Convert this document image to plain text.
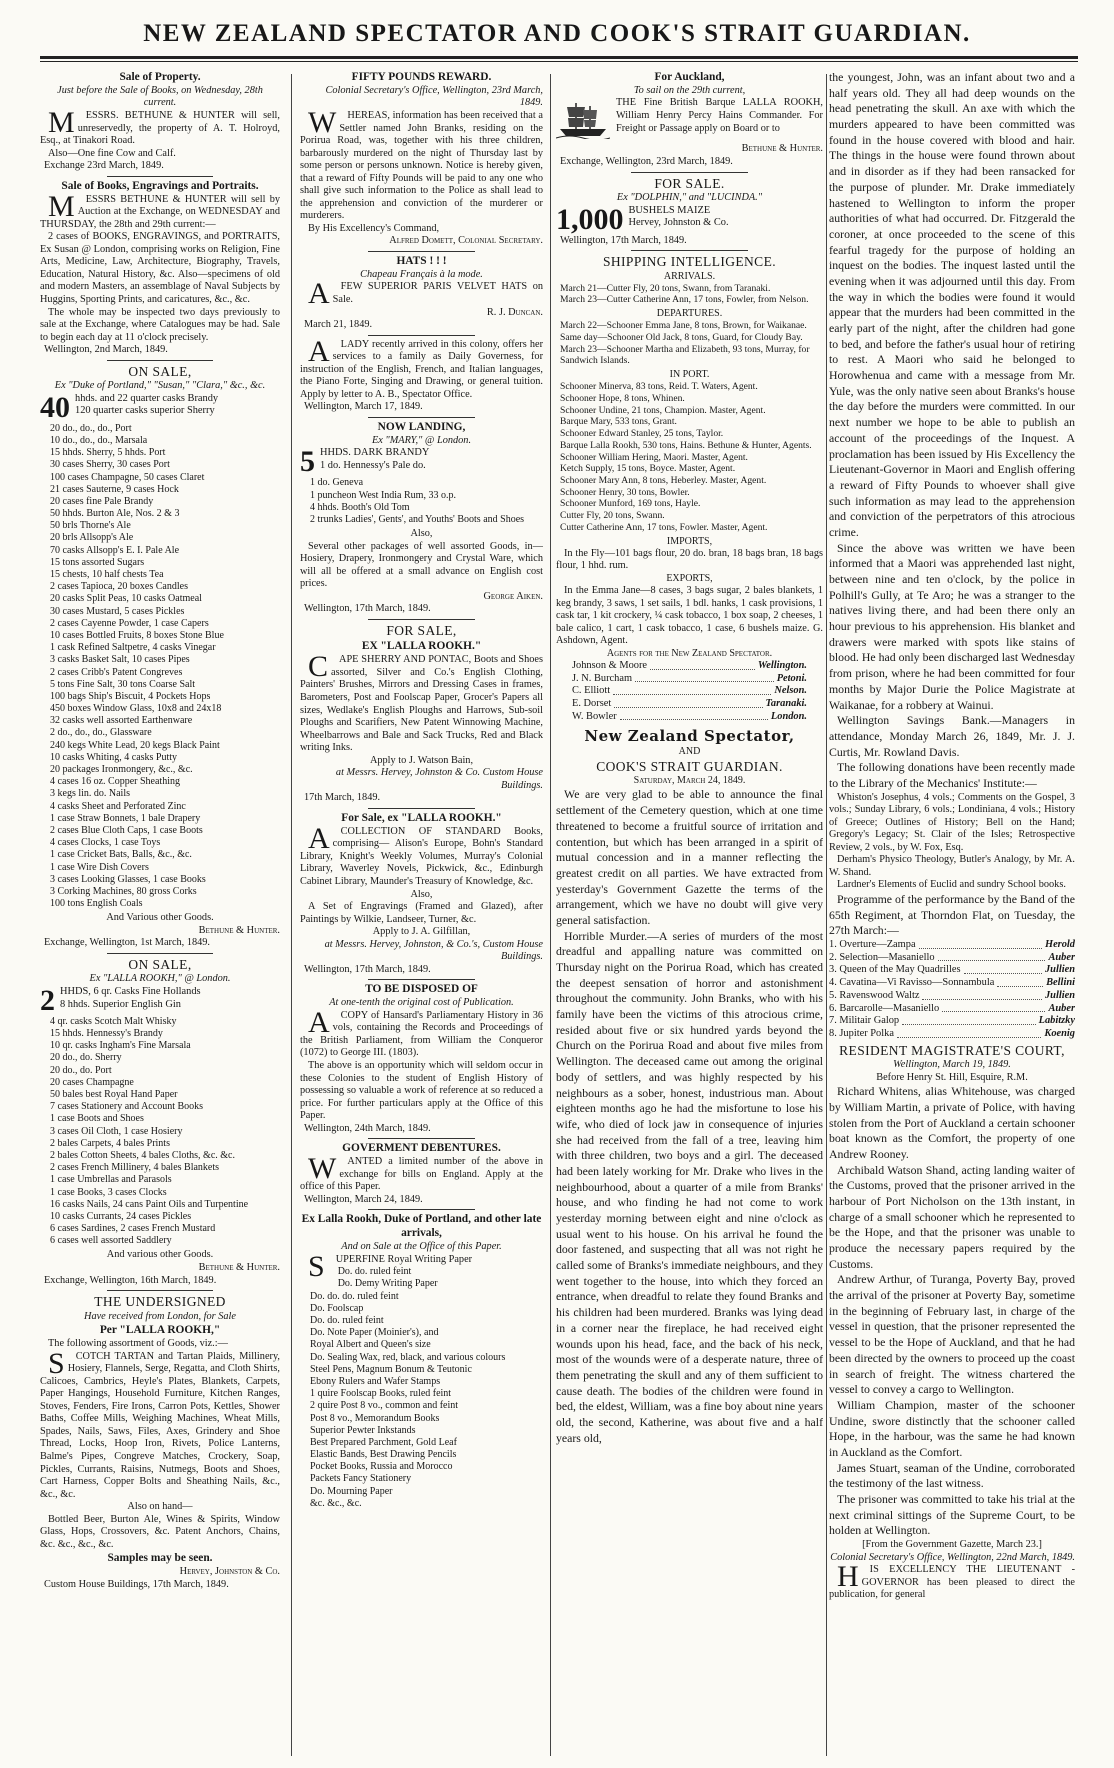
NEW ZEALAND SPECTATOR AND COOK'S STRAIT GUARDIAN.
Sale of Property.
Just before the Sale of Books, on Wednesday, 28th current.

MESSRS. BETHUNE & HUNTER will sell, unreservedly, the property of A. T. Holroyd, Esq., at Tinakori Road.

Also—One fine Cow and Calf.

Exchange 23rd March, 1849.
Sale of Books, Engravings and Portraits.

MESSRS BETHUNE & HUNTER will sell by Auction at the Exchange, on WEDNESDAY and THURSDAY, the 28th and 29th current:—

2 cases of BOOKS, ENGRAVINGS, and PORTRAITS, Ex Susan @ London, comprising works on Religion, Fine Arts, Medicine, Law, Architecture, Biography, Travels, Education, Natural History, &c. Also—specimens of old and modern Masters, an assemblage of Naval Subjects by Huggins, Sporting Prints, and caricatures, &c., &c.

The whole may be inspected two days previously to sale at the Exchange, where Catalogues may be had. Sale to begin each day at 11 o'clock precisely.

Wellington, 2nd March, 1849.
ON SALE,
Ex "Duke of Portland," "Susan," "Clara," &c., &c.
40 hhds. and 22 quarter casks Brandy
120 quarter casks superior Sherry
20 do., do., do., Port
10 do., do., do., Marsala
15 hhds. Sherry, 5 hhds. Port
30 cases Sherry, 30 cases Port
100 cases Champagne, 50 cases Claret
21 cases Sauterne, 9 cases Hock
20 cases fine Pale Brandy
50 hhds. Burton Ale, Nos. 2 & 3
50 brls Thorne's Ale
20 brls Allsopp's Ale
70 casks Allsopp's E. I. Pale Ale
15 tons assorted Sugars
15 chests, 10 half chests Tea
2 cases Tapioca, 20 boxes Candles
20 casks Split Peas, 10 casks Oatmeal
30 cases Mustard, 5 cases Pickles
2 cases Cayenne Powder, 1 case Capers
10 cases Bottled Fruits, 8 boxes Stone Blue
1 cask Refined Saltpetre, 4 casks Vinegar
3 casks Basket Salt, 10 cases Pipes
2 cases Cribb's Patent Congreves
5 tons Fine Salt, 30 tons Coarse Salt
100 bags Ship's Biscuit, 4 Pockets Hops
450 boxes Window Glass, 10x8 and 24x18
32 casks well assorted Earthenware
2 do., do., do., Glassware
240 kegs White Lead, 20 kegs Black Paint
10 casks Whiting, 4 casks Putty
20 packages Ironmongery, &c., &c.
4 cases 16 oz. Copper Sheathing
3 kegs lin. do. Nails
4 casks Sheet and Perforated Zinc
1 case Straw Bonnets, 1 bale Drapery
2 cases Blue Cloth Caps, 1 case Boots
4 cases Clocks, 1 case Toys
1 case Cricket Bats, Balls, &c., &c.
1 case Wire Dish Covers
3 cases Looking Glasses, 1 case Books
3 Corking Machines, 80 gross Corks
100 tons English Coals
And Various other Goods.
Bethune & Hunter.
Exchange, Wellington, 1st March, 1849.
ON SALE,
Ex "LALLA ROOKH," @ London.
2 HHDS, 6 qr. Casks Fine Hollands
8 hhds. Superior English Gin
4 qr. casks Scotch Malt Whisky
15 hhds. Hennessy's Brandy
10 qr. casks Ingham's Fine Marsala
20 do., do. Sherry
20 do., do. Port
20 cases Champagne
50 bales best Royal Hand Paper
7 cases Stationery and Account Books
1 case Boots and Shoes
3 cases Oil Cloth, 1 case Hosiery
2 bales Carpets, 4 bales Prints
2 bales Cotton Sheets, 4 bales Cloths, &c. &c.
2 cases French Millinery, 4 bales Blankets
1 case Umbrellas and Parasols
1 case Books, 3 cases Clocks
16 casks Nails, 24 cans Paint Oils and Turpentine
10 casks Currants, 24 cases Pickles
6 cases Sardines, 2 cases French Mustard
6 cases well assorted Saddlery
And various other Goods.
Bethune & Hunter.
Exchange, Wellington, 16th March, 1849.
THE UNDERSIGNED
Have received from London, for Sale
Per "LALLA ROOKH,"

The following assortment of Goods, viz.:—

SCOTCH TARTAN and Tartan Plaids, Millinery, Hosiery, Flannels, Serge, Regatta, and Cloth Shirts, Calicoes, Cambrics, Heyle's Plates, Blankets, Carpets, Paper Hangings, Household Furniture, Kitchen Ranges, Stoves, Fenders, Fire Irons, Carron Pots, Kettles, Shower Baths, Coffee Mills, Weighing Machines, Wheat Mills, Spades, Nails, Saws, Files, Axes, Grindery and Shoe Thread, Locks, Hoop Iron, Rivets, Police Lanterns, Balme's Pipes, Congreve Matches, Crockery, Soap, Pickles, Currants, Raisins, Nutmegs, Boots and Shoes, Cart Harness, Copper Bolts and Sheathing Nails, &c., &c., &c.

Also on hand—

Bottled Beer, Burton Ale, Wines & Spirits, Window Glass, Hops, Crossovers, &c. Patent Anchors, Chains, &c. &c., &c., &c.

Samples may be seen.
Hervey, Johnston & Co.
Custom House Buildings, 17th March, 1849.
FIFTY POUNDS REWARD.
Colonial Secretary's Office, Wellington, 23rd March, 1849.

WHEREAS, information has been received that a Settler named John Branks, residing on the Porirua Road, was, together with his three children, barbarously murdered on the night of Thursday last by some person or persons unknown. Notice is hereby given, that a reward of Fifty Pounds will be paid to any one who shall give such information to the Police as shall lead to the apprehension and conviction of the murderer or murderers.

By His Excellency's Command,

Alfred Domett, Colonial Secretary.
HATS ! ! !
Chapeau Français à la mode.

AFEW SUPERIOR PARIS VELVET HATS on Sale.

R. J. Duncan.
March 21, 1849.

ALADY recently arrived in this colony, offers her services to a family as Daily Governess, for instruction of the English, French, and Italian languages, the Piano Forte, Singing and Drawing, or general tuition. Apply by letter to A. B., Spectator Office.

Wellington, March 17, 1849.
NOW LANDING,
Ex "MARY," @ London.
5 HHDS. DARK BRANDY
1 do. Hennessy's Pale do.
1 do. Geneva
1 puncheon West India Rum, 33 o.p.
4 hhds. Booth's Old Tom
2 trunks Ladies', Gents', and Youths' Boots and Shoes
Also,

Several other packages of well assorted Goods, in— Hosiery, Drapery, Ironmongery and Crystal Ware, which will all be offered at a small advance on English cost prices.

George Aiken.
Wellington, 17th March, 1849.
FOR SALE,
EX "LALLA ROOKH."

CAPE SHERRY AND PONTAC, Boots and Shoes assorted, Silver and Co.'s English Clothing, Painters' Brushes, Mirrors and Dressing Cases in frames, Barometers, Post and Foolscap Paper, Grocer's Papers all sizes, Wedlake's English Ploughs and Harrows, Sub-soil Ploughs and Scarifiers, New Patent Winnowing Machine, Wheelbarrows and Bale and Sack Trucks, Red and Black writing Inks.

Apply to J. Watson Bain,
at Messrs. Hervey, Johnston & Co. Custom House Buildings.
17th March, 1849.
For Sale, ex "LALLA ROOKH."

ACOLLECTION OF STANDARD Books, comprising— Alison's Europe, Bohn's Standard Library, Knight's Weekly Volumes, Murray's Colonial Library, Waverley Novels, Pickwick, &c., Edinburgh Cabinet Library, Maunder's Treasury of Knowledge, &c.

Also,

A Set of Engravings (Framed and Glazed), after Paintings by Wilkie, Landseer, Turner, &c.

Apply to J. A. Gilfillan,
at Messrs. Hervey, Johnston, & Co.'s, Custom House Buildings.
Wellington, 17th March, 1849.
TO BE DISPOSED OF
At one-tenth the original cost of Publication.

ACOPY of Hansard's Parliamentary History in 36 vols, containing the Records and Proceedings of the British Parliament, from William the Conqueror (1072) to George III. (1803).

The above is an opportunity which will seldom occur in these Colonies to the student of English History of possessing so valuable a work of reference at so reduced a price. For further particulars apply at the Office of this Paper.

Wellington, 24th March, 1849.
GOVERMENT DEBENTURES.

WANTED a limited number of the above in exchange for bills on England. Apply at the office of this Paper.

Wellington, March 24, 1849.
Ex Lalla Rookh, Duke of Portland, and other late arrivals,
And on Sale at the Office of this Paper.

SUPERFINE Royal Writing Paper

Do. do. ruled feint
Do. Demy Writing Paper
Do. do. do. ruled feint
Do. Foolscap
Do. do. ruled feint
Do. Note Paper (Moinier's), and
Royal Albert and Queen's size
Do. Sealing Wax, red, black, and various colours
Steel Pens, Magnum Bonum & Teutonic
Ebony Rulers and Wafer Stamps
1 quire Foolscap Books, ruled feint
2 quire Post 8 vo., common and feint
Post 8 vo., Memorandum Books
Superior Pewter Inkstands
Best Prepared Parchment, Gold Leaf
Elastic Bands, Best Drawing Pencils
Pocket Books, Russia and Morocco
Packets Fancy Stationery
Do. Mourning Paper
&c. &c., &c.
For Auckland,
To sail on the 29th current,

THE Fine British Barque LALLA ROOKH, William Henry Percy Hains Commander. For Freight or Passage apply on Board or to

Bethune & Hunter.
Exchange, Wellington, 23rd March, 1849.
FOR SALE.
Ex "DOLPHIN," and "LUCINDA."
1,000 BUSHELS MAIZE
Hervey, Johnston & Co.
Wellington, 17th March, 1849.
SHIPPING INTELLIGENCE.
ARRIVALS.
March 21—Cutter Fly, 20 tons, Swann, from Taranaki.
March 23—Cutter Catherine Ann, 17 tons, Fowler, from Nelson.
DEPARTURES.
March 22—Schooner Emma Jane, 8 tons, Brown, for Waikanae.
Same day—Schooner Old Jack, 8 tons, Guard, for Cloudy Bay.
March 23—Schooner Martha and Elizabeth, 93 tons, Murray, for Sandwich Islands.
IN PORT.
Schooner Minerva, 83 tons, Reid. T. Waters, Agent.
Schooner Hope, 8 tons, Whinen.
Schooner Undine, 21 tons, Champion. Master, Agent.
Barque Mary, 533 tons, Grant.
Schooner Edward Stanley, 25 tons, Taylor.
Barque Lalla Rookh, 530 tons, Hains. Bethune & Hunter, Agents.
Schooner William Hering, Maori. Master, Agent.
Ketch Supply, 15 tons, Boyce. Master, Agent.
Schooner Mary Ann, 8 tons, Heberley. Master, Agent.
Schooner Henry, 30 tons, Bowler.
Schooner Munford, 169 tons, Hayle.
Cutter Fly, 20 tons, Swann.
Cutter Catherine Ann, 17 tons, Fowler. Master, Agent.
IMPORTS,

In the Fly—101 bags flour, 20 do. bran, 18 bags bran, 18 bags flour, 1 hhd. rum.

EXPORTS,

In the Emma Jane—8 cases, 3 bags sugar, 2 bales blankets, 1 keg brandy, 3 saws, 1 set sails, 1 bdl. hanks, 1 cask provisions, 1 cask tar, 1 kit crockery, ¼ cask tobacco, 1 box soap, 2 cheeses, 1 bale calico, 1 cart, 1 cask tobacco, 1 case, 6 bushels maize. G. Ashdown, Agent.

Agents for the New Zealand Spectator.
Johnson & Moore	Wellington.
J. N. Burcham	Petoni.
C. Elliott	Nelson.
E. Dorset	Taranaki.
W. Bowler	London.
New Zealand Spectator,
AND
COOK'S STRAIT GUARDIAN.
Saturday, March 24, 1849.

We are very glad to be able to announce the final settlement of the Cemetery question, which at one time threatened to become a fruitful source of irritation and contention, but which has been arranged in a spirit of mutual concession and in a manner reflecting the greatest credit on all parties. We have extracted from yesterday's Government Gazette the terms of the arrangement, which we have no doubt will give very general satisfaction.

Horrible Murder.—A series of murders of the most dreadful and appalling nature was committed on Thursday night on the Porirua Road, which has created the deepest sensation of horror and astonishment throughout the community. John Branks, who with his family have been the victims of this atrocious crime, resided about five or six hundred yards beyond the Church on the Porirua Road and about five miles from Wellington. The deceased came out among the original body of settlers, and was highly respected by his neighbours as a sober, honest, industrious man. About eighteen months ago he had the misfortune to lose his wife, who died of lock jaw in consequence of injuries she had received from the fall of a tree, leaving him with three children, two boys and a girl. The deceased had been lately working for Mr. Drake who lives in the neighbourhood, about a quarter of a mile from Branks' house, and who finding he had not come to work yesterday morning between eight and nine o'clock as usual went to his house. On his arrival he found the door fastened, and suspecting that all was not right he called some of Branks's immediate neighbours, and they went together to the house, into which they forced an entrance, when dreadful to relate they found Branks and his children had been murdered. Branks was lying dead in a corner near the fireplace, he had received eight wounds upon his head, face, and the back of his neck, most of the wounds were of a desperate nature, three of them penetrating the skull and any of them sufficient to cause death. The bodies of the children were found in bed, the eldest, William, was a fine boy about nine years old, the second, Katherine, was about five and a half years old,

the youngest, John, was an infant about two and a half years old. They all had deep wounds on the head penetrating the skull. An axe with which the murders appeared to have been committed was found in the house covered with blood and hair. The things in the house were found thrown about and in disorder as if they had been ransacked for the purpose of plunder. Mr. Drake immediately hastened to Wellington to inform the proper authorities of what had occurred. Dr. Fitzgerald the coroner, at once proceeded to the scene of this fearful tragedy for the purpose of holding an inquest on the bodies. The inquest lasted until the evening when it was adjourned until this day. From the way in which the bodies were found it would appear that the murders had been committed in the early part of the night, after the children had gone to bed, and before the father's usual hour of retiring to rest. A Maori who said he belonged to Horowhenua and came with a message from Mr. Yule, was the only native seen about Branks's house the day before the murders were committed. In our next number we hope to be able to publish an account of the proceedings of the Inquest. A proclamation has been issued by His Excellency the Lieutenant-Governor in Maori and English offering a reward of Fifty Pounds to whoever shall give such information as may lead to the apprehension and conviction of the perpetrators of this atrocious crime.

Since the above was written we have been informed that a Maori was apprehended last night, between nine and ten o'clock, by the police in Polhill's Gully, at Te Aro; he was a stranger to the natives living there, and had been there only an hour previous to his apprehension. His blanket and drawers were marked with spots like stains of blood. He had only been discharged last Wednesday from prison, where he had been committed for four months by Major Durie the Police Magistrate at Waikanae, for a robbery at Wainui.

Wellington Savings Bank.—Managers in attendance, Monday March 26, 1849, Mr. J. J. Curtis, Mr. Rowland Davis.

The following donations have been recently made to the Library of the Mechanics' Institute:—

Whiston's Josephus, 4 vols.; Comments on the Gospel, 3 vols.; Sunday Library, 6 vols.; Londiniana, 4 vols.; History of Greece; Outlines of History; Bell on the Hand; Gregory's Legacy; St. Clair of the Isles; Retrospective Review, 2 vols., by W. Fox, Esq.

Derham's Physico Theology, Butler's Analogy, by Mr. A. W. Shand.

Lardner's Elements of Euclid and sundry School books.

Programme of the performance by the Band of the 65th Regiment, at Thorndon Flat, on Tuesday, the 27th March:—

1. Overture—Zampa	Herold
2. Selection—Masaniello	Auber
3. Queen of the May Quadrilles	Jullien
4. Cavatina—Vi Ravisso—Sonnambula	Bellini
5. Ravenswood Waltz	Jullien
6. Barcarolle—Masaniello	Auber
7. Militair Galop	Labitzky
8. Jupiter Polka	Koenig
RESIDENT MAGISTRATE'S COURT,
Wellington, March 19, 1849.
Before Henry St. Hill, Esquire, R.M.

Richard Whitens, alias Whitehouse, was charged by William Martin, a private of Police, with having stolen from the Port of Auckland a certain schooner boat known as the Comfort, the property of one Andrew Rooney.

Archibald Watson Shand, acting landing waiter of the Customs, proved that the prisoner arrived in the harbour of Port Nicholson on the 13th instant, in charge of a small schooner which he represented to be the Hope, and that the prisoner was unable to produce the necessary papers required by the Customs.

Andrew Arthur, of Turanga, Poverty Bay, proved the arrival of the prisoner at Poverty Bay, sometime in the beginning of February last, in charge of the vessel in question, that the prisoner represented the vessel to be the Hope of Auckland, and that he had been directed by the owners to proceed up the coast in search of freight. The witness chartered the vessel to convey a cargo to Wellington.

William Champion, master of the schooner Undine, swore distinctly that the schooner called Hope, in the harbour, was the same he had known in Auckland as the Comfort.

James Stuart, seaman of the Undine, corroborated the testimony of the last witness.

The prisoner was committed to take his trial at the next criminal sittings of the Supreme Court, to be holden at Wellington.

[From the Government Gazette, March 23.]
Colonial Secretary's Office, Wellington, 22nd March, 1849.

HIS EXCELLENCY THE LIEUTENANT - GOVERNOR has been pleased to direct the publication, for general
